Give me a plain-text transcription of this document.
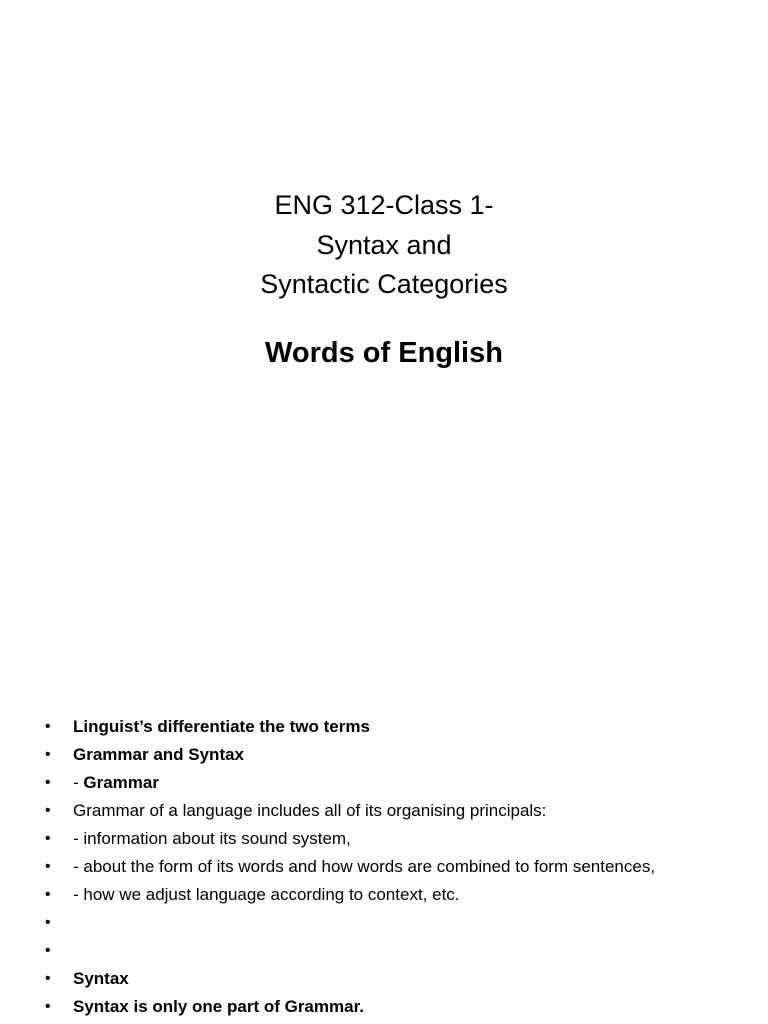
ENG 312-Class 1-
Syntax and
Syntactic Categories
Words of English
• Linguist’s differentiate the two terms
• Grammar and Syntax
• - Grammar
• Grammar of a language includes all of its organising principals:
• - information about its sound system,
• - about the form of its words and how words are combined to form sentences,
• - how we adjust language according to context, etc.
•
•
• Syntax
• Syntax is only one part of Grammar.
